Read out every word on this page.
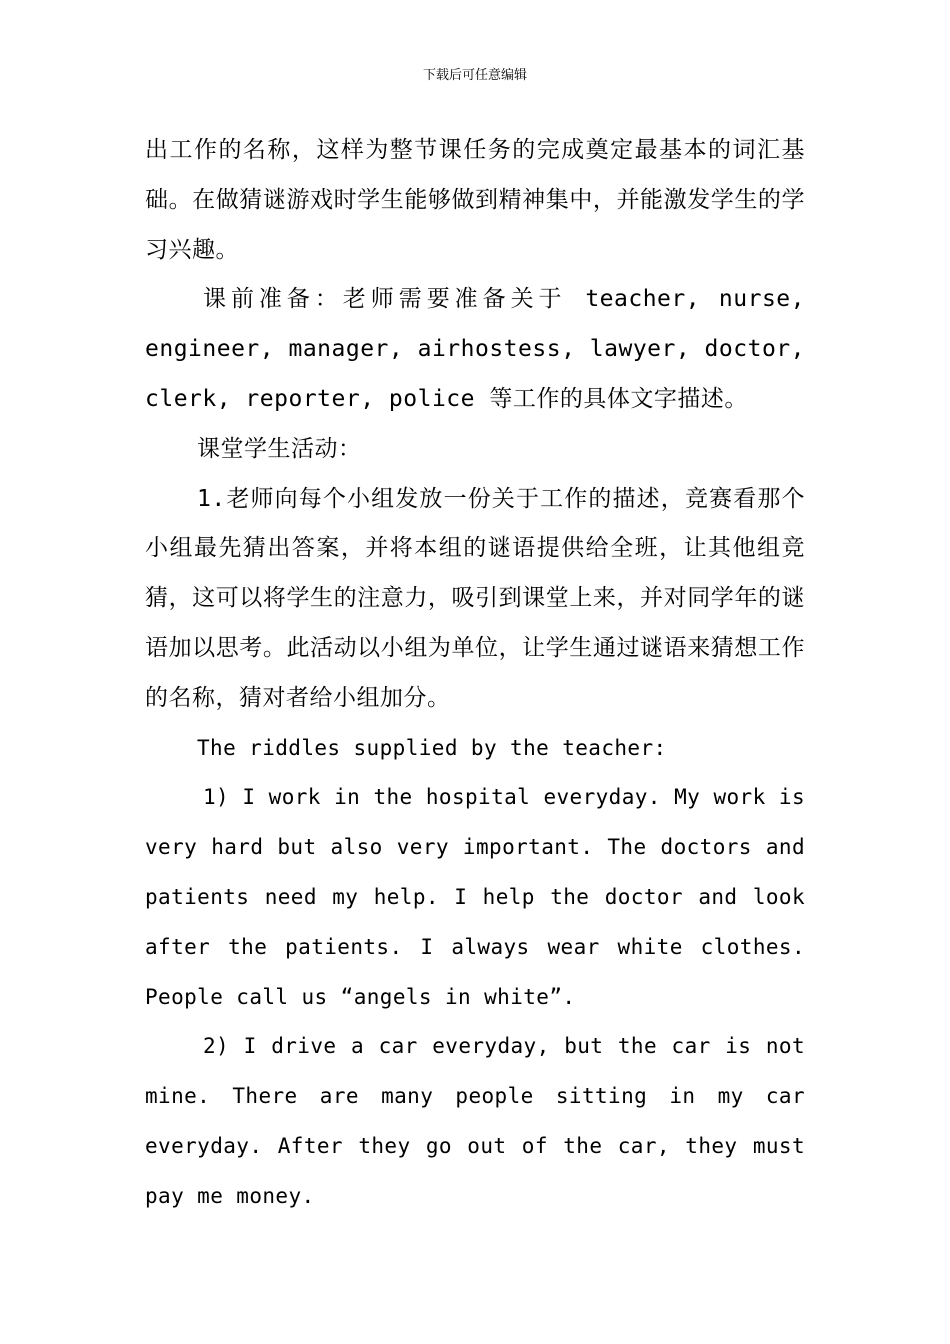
下载后可任意编辑

出工作的名称，这样为整节课任务的完成奠定最基本的词汇基础。在做猜谜游戏时学生能够做到精神集中，并能激发学生的学习兴趣。

课前准备：老师需要准备关于 teacher, nurse, engineer, manager, airhostess, lawyer, doctor, clerk, reporter, police 等工作的具体文字描述。

课堂学生活动：

1.老师向每个小组发放一份关于工作的描述，竞赛看那个小组最先猜出答案，并将本组的谜语提供给全班，让其他组竞猜，这可以将学生的注意力，吸引到课堂上来，并对同学年的谜语加以思考。此活动以小组为单位，让学生通过谜语来猜想工作的名称，猜对者给小组加分。

The riddles supplied by the teacher:

1) I work in the hospital everyday. My work is very hard but also very important. The doctors and patients need my help. I help the doctor and look after the patients. I always wear white clothes. People call us “angels in white”.

2) I drive a car everyday, but the car is not mine. There are many people sitting in my car everyday. After they go out of the car, they must pay me money.
